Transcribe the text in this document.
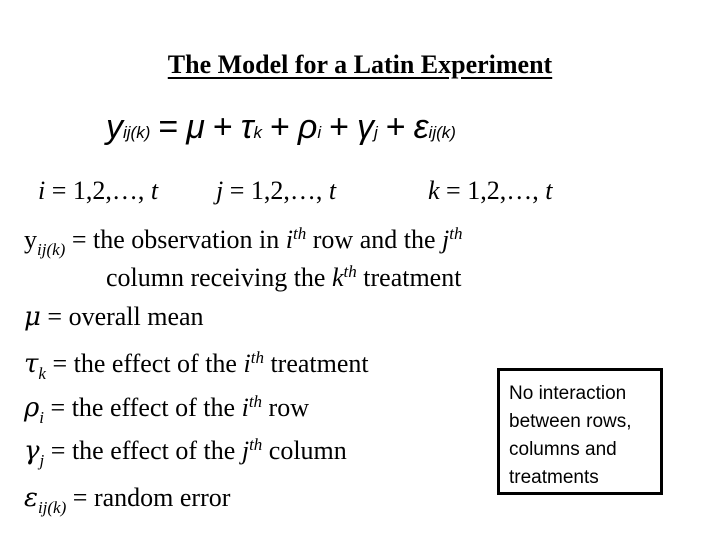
The Model for a Latin Experiment
y ij(k) = μ + τ k + ρ i + γ j + ε ij(k)
i = 1,2,…, t j = 1,2,…, t	k = 1,2,…, t
$y_{ij(k)}$ = the observation in $i^{th}$ row and the $j^{th}$
column receiving the $k^{th}$ treatment
μ = overall mean
$\tau_k$ = the effect of the $i^{th}$ treatment
$\rho_i$ = the effect of the $i^{th}$ row
$\gamma_j$ = the effect of the $j^{th}$ column
$\varepsilon_{ij(k)}$ = random error
No interaction
between rows,
columns and
treatments
